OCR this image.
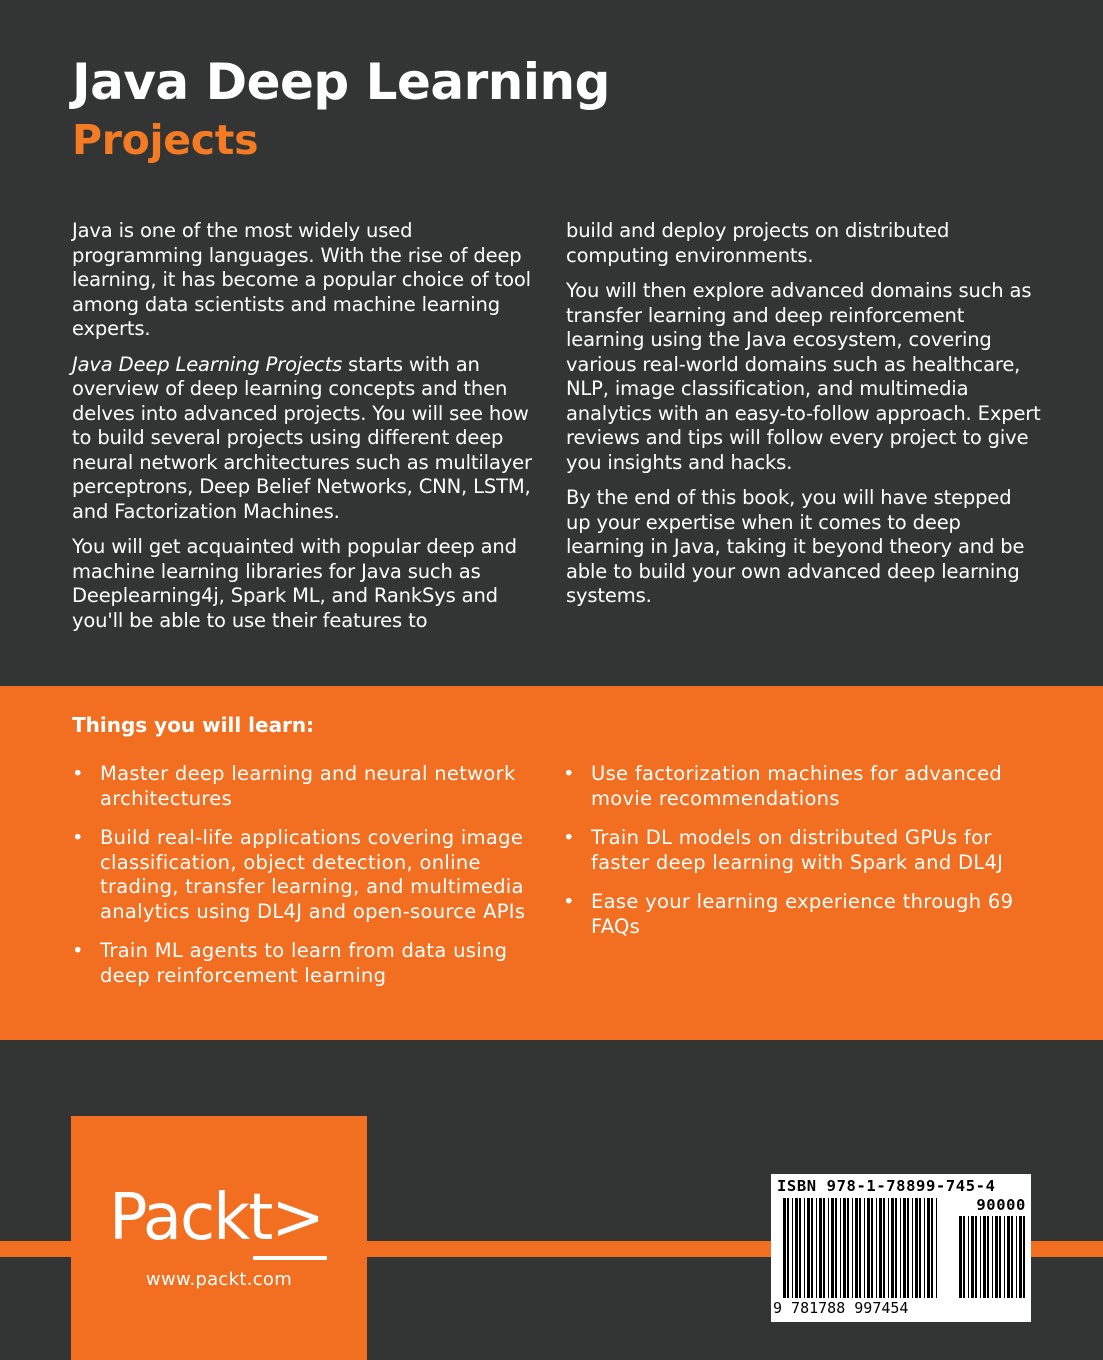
Java Deep Learning
Projects

Java is one of the most widely used programming languages. With the rise of deep learning, it has become a popular choice of tool among data scientists and machine learning experts.

Java Deep Learning Projects starts with an overview of deep learning concepts and then delves into advanced projects. You will see how to build several projects using different deep neural network architectures such as multilayer perceptrons, Deep Belief Networks, CNN, LSTM, and Factorization Machines.

You will get acquainted with popular deep and machine learning libraries for Java such as Deeplearning4j, Spark ML, and RankSys and you'll be able to use their features to

build and deploy projects on distributed computing environments.

You will then explore advanced domains such as transfer learning and deep reinforcement learning using the Java ecosystem, covering various real-world domains such as healthcare, NLP, image classification, and multimedia analytics with an easy-to-follow approach. Expert reviews and tips will follow every project to give you insights and hacks.

By the end of this book, you will have stepped up your expertise when it comes to deep learning in Java, taking it beyond theory and be able to build your own advanced deep learning systems.

Things you will learn:
• Master deep learning and neural network architectures
• Build real-life applications covering image classification, object detection, online trading, transfer learning, and multimedia analytics using DL4J and open-source APIs
• Train ML agents to learn from data using deep reinforcement learning
• Use factorization machines for advanced movie recommendations
• Train DL models on distributed GPUs for faster deep learning with Spark and DL4J
• Ease your learning experience through 69 FAQs

Packt>

www.packt.com

ISBN 978-1-78899-745-4

90000

9 781788 997454
